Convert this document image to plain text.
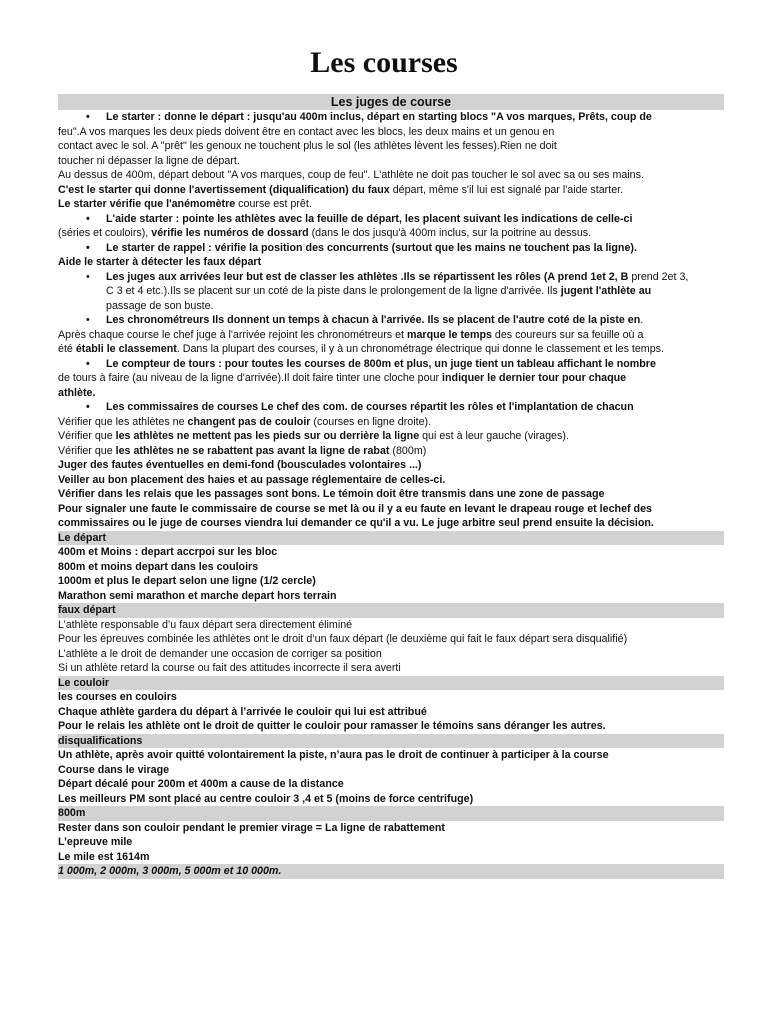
Les courses
Les juges de course

• Le starter : donne le départ : jusqu'au 400m inclus, départ en starting blocs "A vos marques, Prêts, coup de

feu".A vos marques les deux pieds doivent être en contact avec les blocs, les deux mains et un genou en

contact avec le sol. A "prêt" les genoux ne touchent plus le sol (les athlètes lèvent les fesses).Rien ne doit

toucher ni dépasser la ligne de départ.

Au dessus de 400m, départ debout "A vos marques, coup de feu". L'athlète ne doit pas toucher le sol avec sa ou ses mains.

C'est le starter qui donne l'avertissement (diqualification) du faux départ, même s'il lui est signalé par l'aide starter.

Le starter vérifie que l'anémomètre course est prêt.

• L'aide starter : pointe les athlètes avec la feuille de départ, les placent suivant les indications de celle-ci

(séries et couloirs), vérifie les numéros de dossard (dans le dos jusqu'à 400m inclus, sur la poitrine au dessus.

• Le starter de rappel : vérifie la position des concurrents (surtout que les mains ne touchent pas la ligne).

Aide le starter à détecter les faux départ

• Les juges aux arrivées leur but est de classer les athlètes .Ils se répartissent les rôles (A prend 1et 2, B prend 2et 3,

C 3 et 4 etc.).Ils se placent sur un coté de la piste dans le prolongement de la ligne d'arrivée. Ils jugent l'athlète au

passage de son buste.

• Les chronométreurs Ils donnent un temps à chacun à l'arrivée. Ils se placent de l'autre coté de la piste en.

Après chaque course le chef juge à l'arrivée rejoint les chronométreurs et marque le temps des coureurs sur sa feuille où a

été établi le classement. Dans la plupart des courses, il y à un chronométrage électrique qui donne le classement et les temps.

• Le compteur de tours : pour toutes les courses de 800m et plus, un juge tient un tableau affichant le nombre

de tours à faire (au niveau de la ligne d'arrivée).Il doit faire tinter une cloche pour indiquer le dernier tour pour chaque

athlète.

• Les commissaires de courses Le chef des com. de courses répartit les rôles et l'implantation de chacun

Vérifier que les athlètes ne changent pas de couloir (courses en ligne droite).

Vérifier que les athlètes ne mettent pas les pieds sur ou derrière la ligne qui est à leur gauche (virages).

Vérifier que les athlètes ne se rabattent pas avant la ligne de rabat (800m)

Juger des fautes éventuelles en demi-fond (bousculades volontaires ...)

Veiller au bon placement des haies et au passage réglementaire de celles-ci.

Vérifier dans les relais que les passages sont bons. Le témoin doit être transmis dans une zone de passage

Pour signaler une faute le commissaire de course se met là ou il y a eu faute en levant le drapeau rouge et lechef des

commissaires ou le juge de courses viendra lui demander ce qu'il a vu. Le juge arbitre seul prend ensuite la décision.

Le départ

400m et Moins : depart accrpoi sur les bloc

800m et moins depart dans les couloirs

1000m et plus le depart selon une ligne (1/2 cercle)

Marathon semi marathon et marche depart hors terrain

faux départ

L’athlète responsable d’u faux départ sera directement éliminé

Pour les épreuves combinée les athlètes ont le droit d’un faux départ (le deuxième qui fait le faux départ sera disqualifié)

L’athlète a le droit de demander une occasion de corriger sa position

Si un athlète retard la course ou fait des attitudes incorrecte il sera averti

Le couloir

les courses en couloirs

Chaque athlète gardera du départ à l’arrivée le couloir qui lui est attribué

Pour le relais les athlète ont le droit de quitter le couloir pour ramasser le témoins sans déranger les autres.

disqualifications

Un athlète, après avoir quitté volontairement la piste, n’aura pas le droit de continuer à participer à la course

Course dans le virage

Départ décalé pour 200m et 400m a cause de la distance

Les meilleurs PM sont placé au centre couloir 3 ,4 et 5 (moins de force centrifuge)

800m

Rester dans son couloir pendant le premier virage = La ligne de rabattement

L’epreuve mile

Le mile est 1614m

1 000m, 2 000m, 3 000m, 5 000m et 10 000m.
